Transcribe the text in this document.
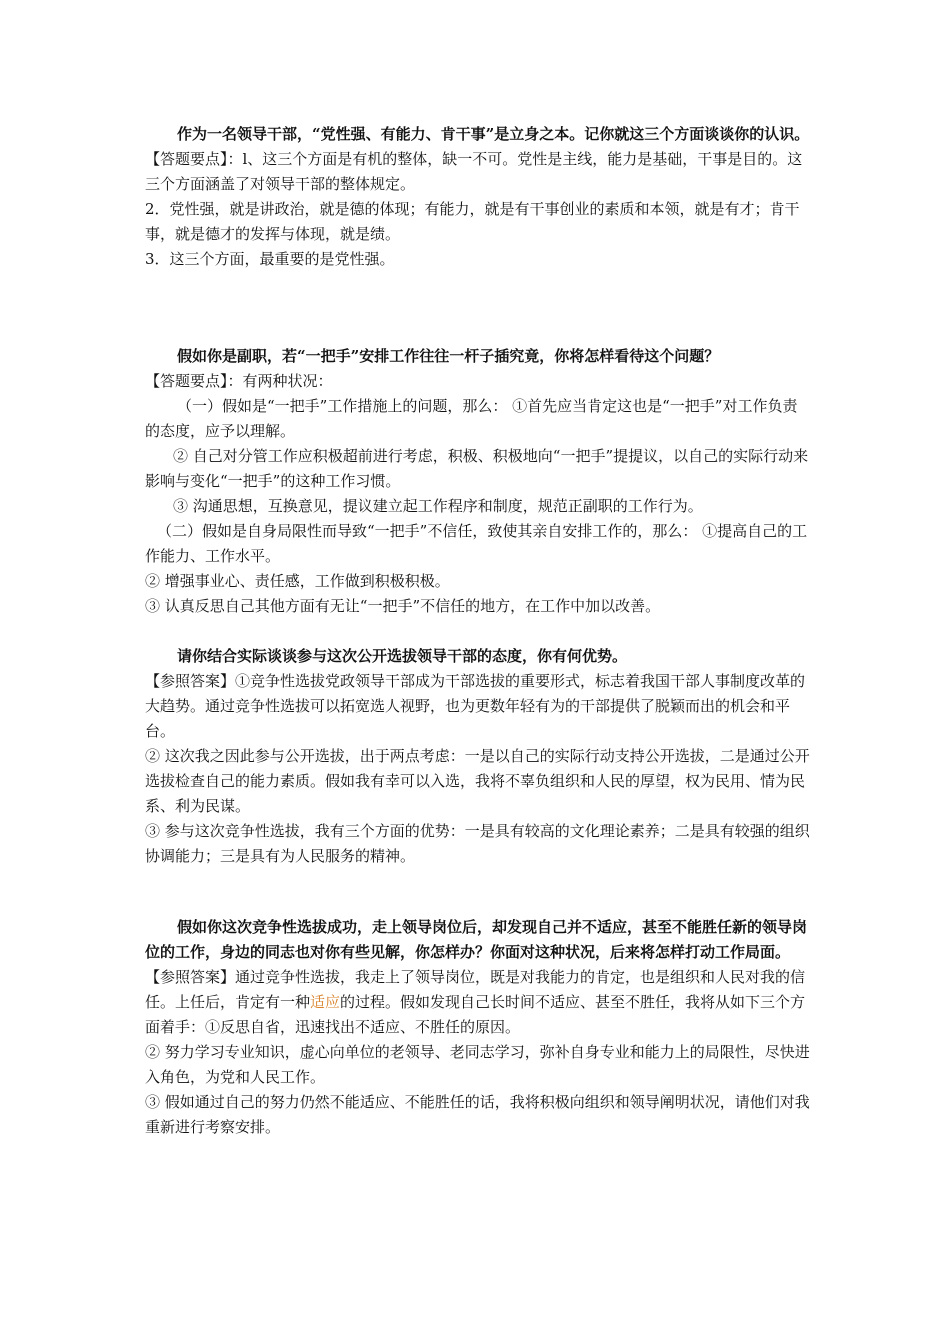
作为一名领导干部，“党性强、有能力、肯干事”是立身之本。记你就这三个方面谈谈你的认识。

【答题要点】：l、这三个方面是有机的整体，缺一不可。党性是主线，能力是基础，干事是目的。这三个方面涵盖了对领导干部的整体规定。

2．党性强，就是讲政治，就是德的体现；有能力，就是有干事创业的素质和本领，就是有才；肯干事，就是德才的发挥与体现，就是绩。

3．这三个方面，最重要的是党性强。

假如你是副职，若“一把手”安排工作往往一杆子插究竟，你将怎样看待这个问题？

【答题要点】：有两种状况：

（一）假如是“一把手”工作措施上的问题，那么： ①首先应当肯定这也是“一把手”对工作负责的态度，应予以理解。

② 自己对分管工作应积极超前进行考虑，积极、积极地向“一把手”提提议，以自己的实际行动来影响与变化“一把手”的这种工作习惯。

③ 沟通思想，互换意见，提议建立起工作程序和制度，规范正副职的工作行为。

（二）假如是自身局限性而导致“一把手”不信任，致使其亲自安排工作的，那么： ①提高自己的工作能力、工作水平。

② 增强事业心、责任感，工作做到积极积极。

③ 认真反思自己其他方面有无让“一把手”不信任的地方，在工作中加以改善。

请你结合实际谈谈参与这次公开选拔领导干部的态度，你有何优势。

【参照答案】①竞争性选拔党政领导干部成为干部选拔的重要形式，标志着我国干部人事制度改革的大趋势。通过竞争性选拔可以拓宽选人视野，也为更数年轻有为的干部提供了脱颖而出的机会和平台。

② 这次我之因此参与公开选拔，出于两点考虑：一是以自己的实际行动支持公开选拔，二是通过公开选拔检查自己的能力素质。假如我有幸可以入选，我将不辜负组织和人民的厚望，权为民用、情为民系、利为民谋。

③ 参与这次竞争性选拔，我有三个方面的优势：一是具有较高的文化理论素养；二是具有较强的组织协调能力；三是具有为人民服务的精神。

假如你这次竞争性选拔成功，走上领导岗位后，却发现自己并不适应，甚至不能胜任新的领导岗位的工作，身边的同志也对你有些见解，你怎样办？你面对这种状况，后来将怎样打动工作局面。

【参照答案】通过竞争性选拔，我走上了领导岗位，既是对我能力的肯定，也是组织和人民对我的信任。上任后，肯定有一种适应的过程。假如发现自己长时间不适应、甚至不胜任，我将从如下三个方面着手：①反思自省，迅速找出不适应、不胜任的原因。

② 努力学习专业知识，虚心向单位的老领导、老同志学习，弥补自身专业和能力上的局限性，尽快进入角色，为党和人民工作。

③ 假如通过自己的努力仍然不能适应、不能胜任的话，我将积极向组织和领导阐明状况，请他们对我重新进行考察安排。
